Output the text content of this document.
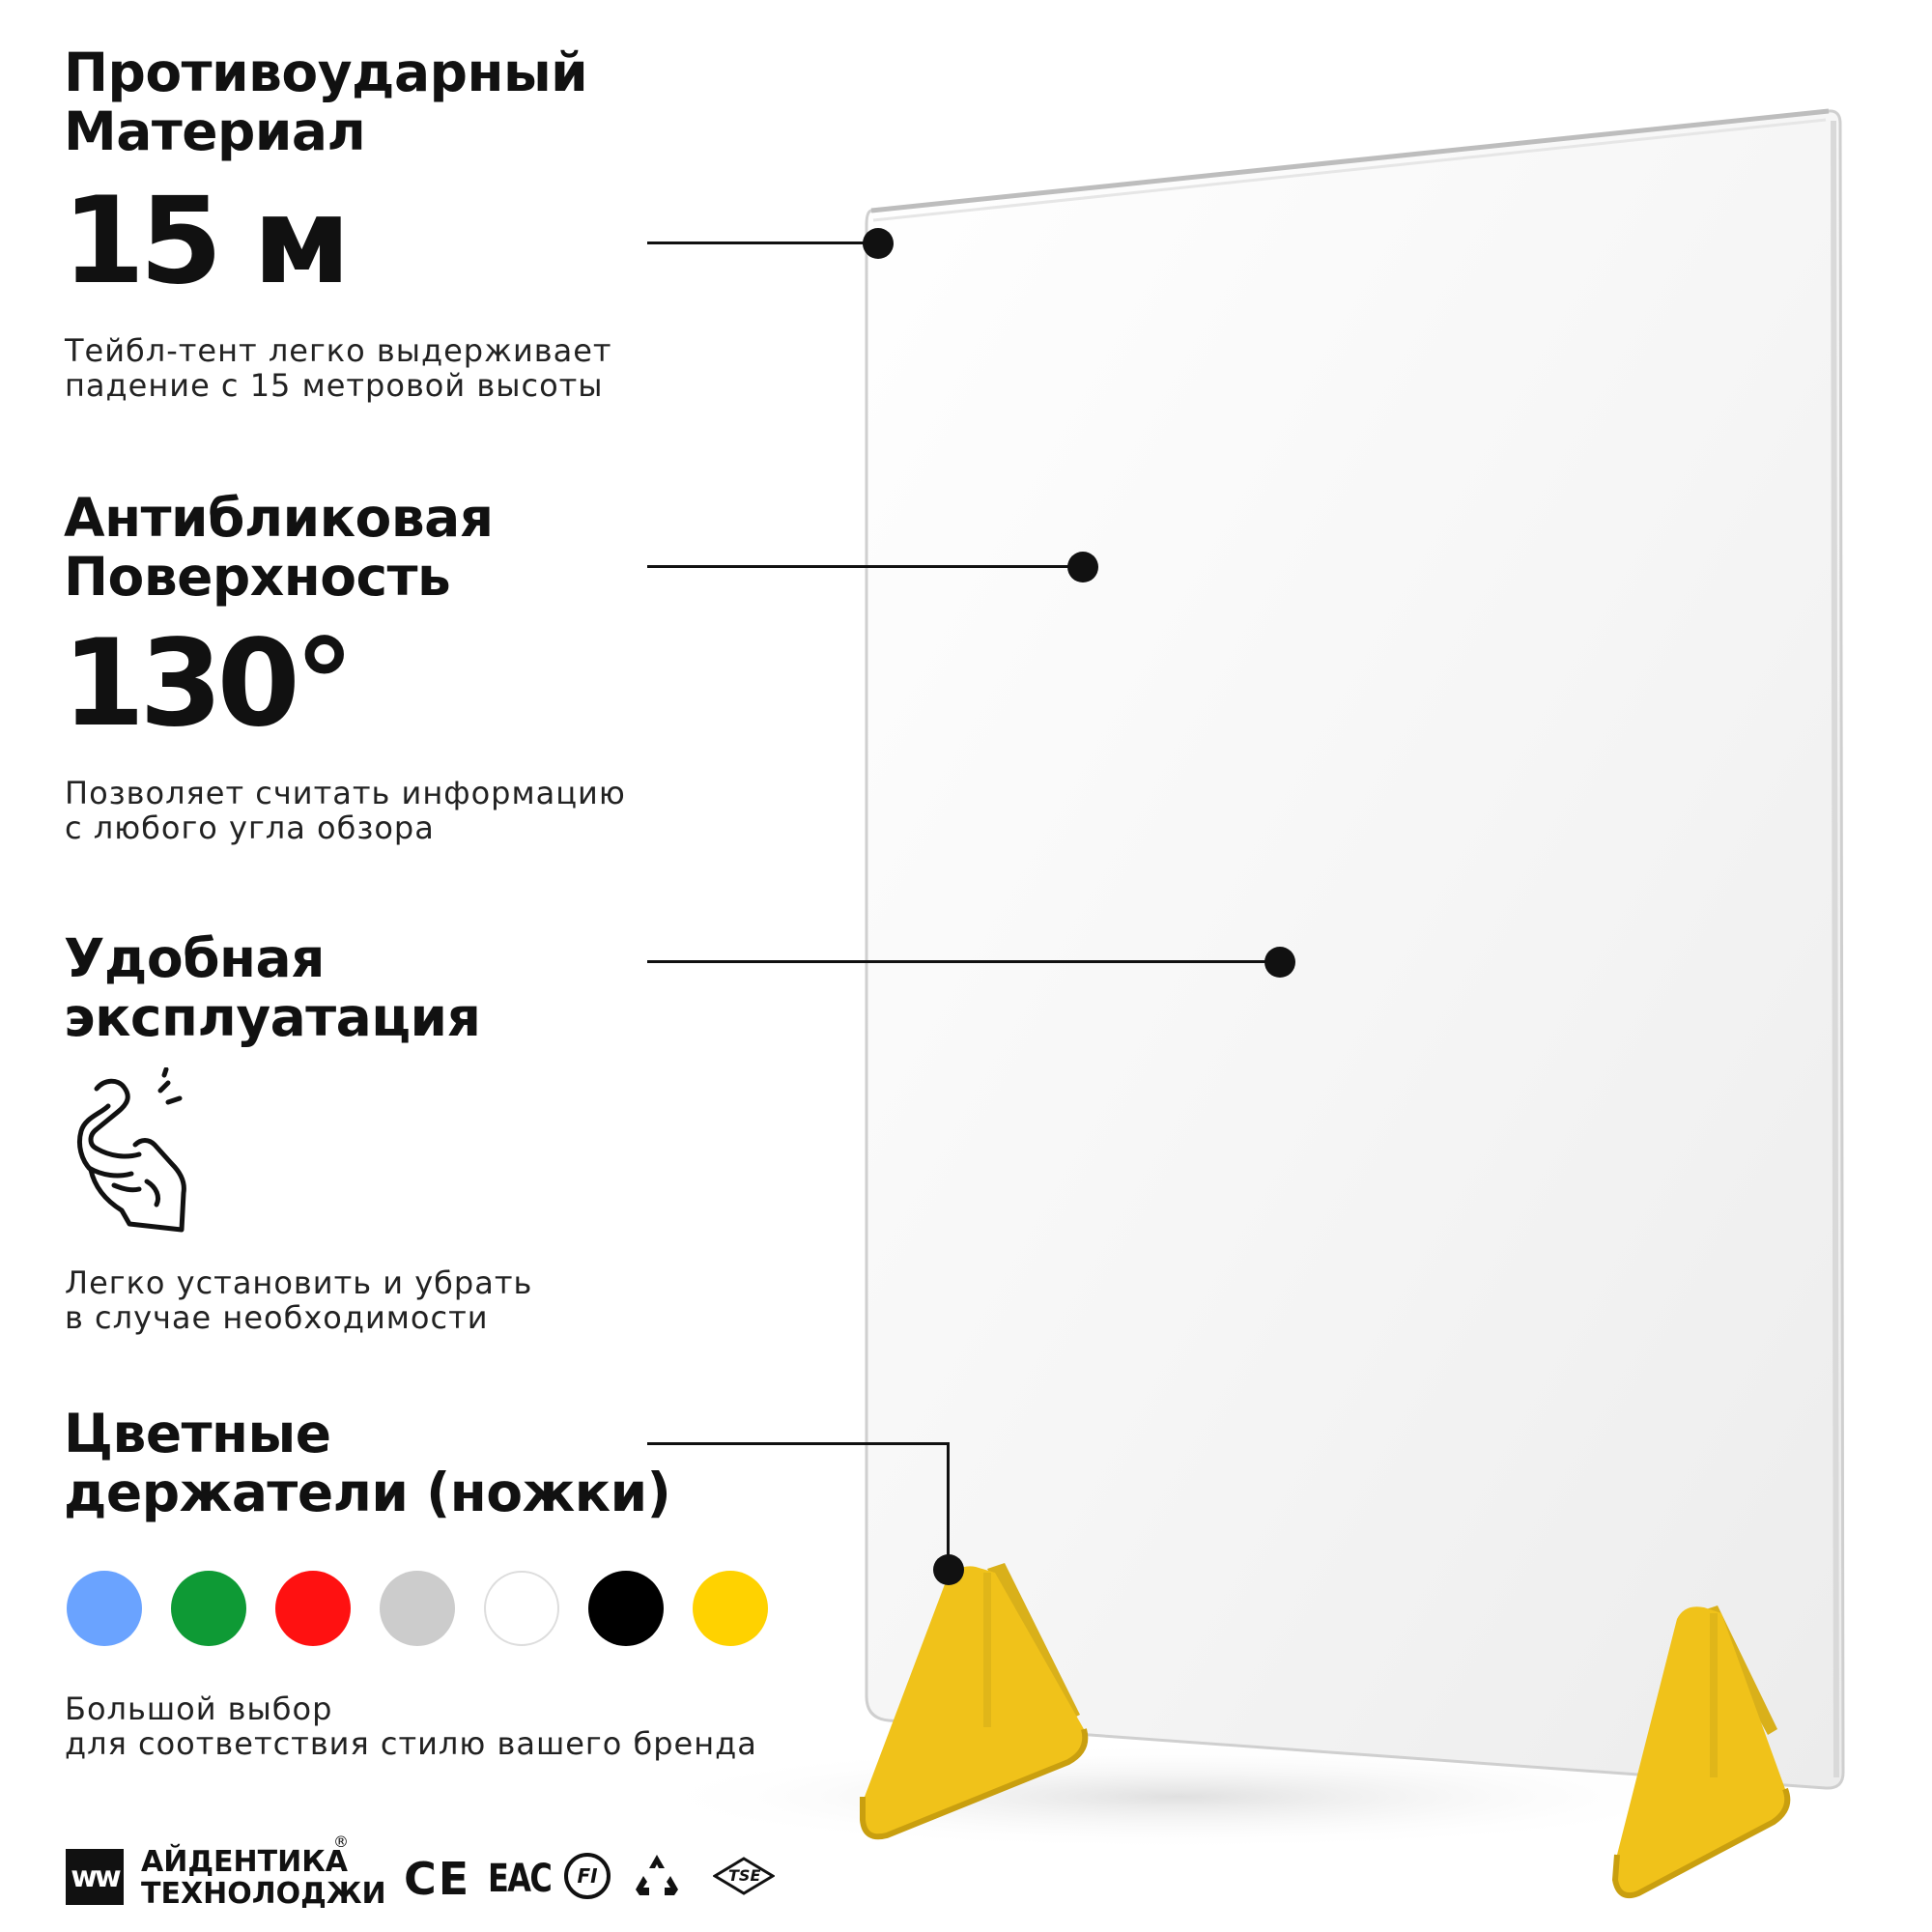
Противоударный
Материал
15 м
Тейбл-тент легко выдерживает
падение с 15 метровой высоты
Антибликовая
Поверхность
130°
Позволяет считать информацию
с любого угла обзора
Удобная
эксплуатация
Легко установить и убрать
в случае необходимости
Цветные
держатели (ножки)
Большой выбор
для соответствия стилю вашего бренда
ww АЙДЕНТИКА
®
ТЕХНОЛОДЖИ CE EAC FI	TSE
